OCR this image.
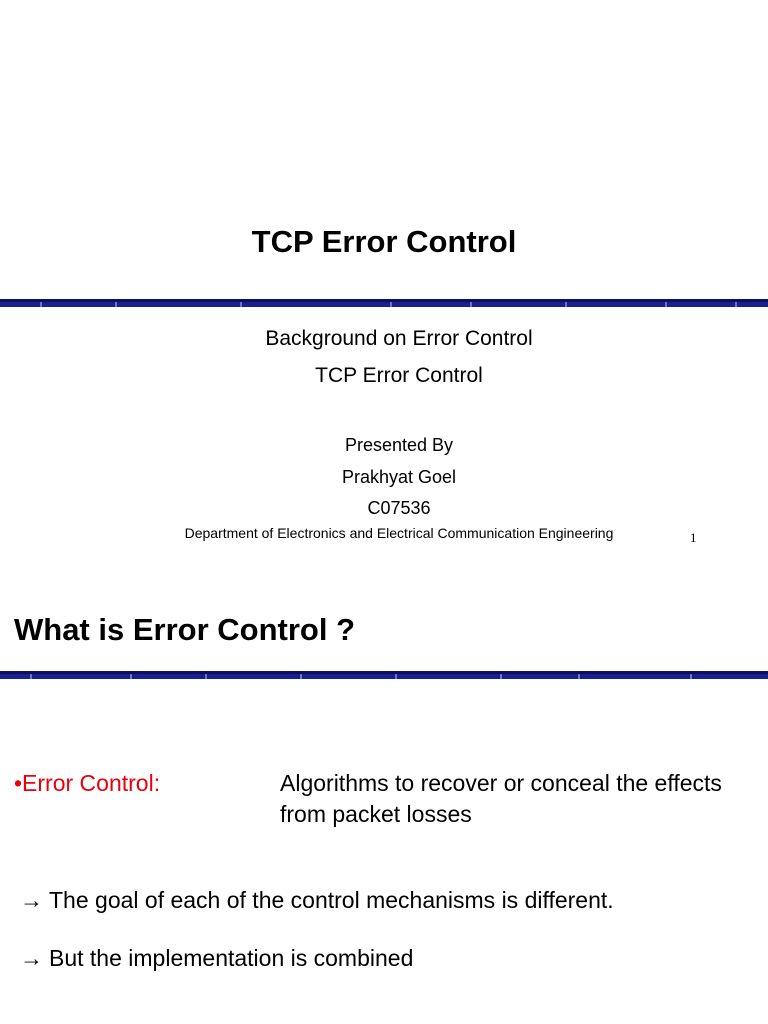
TCP Error Control
Background on Error Control
TCP Error Control
Presented By
Prakhyat Goel
C07536
Department of Electronics and Electrical Communication Engineering	1
What is Error Control ?
•Error Control:	Algorithms to recover or conceal the effects from packet losses
→ The goal of each of the control mechanisms is different.
→ But the implementation is combined
